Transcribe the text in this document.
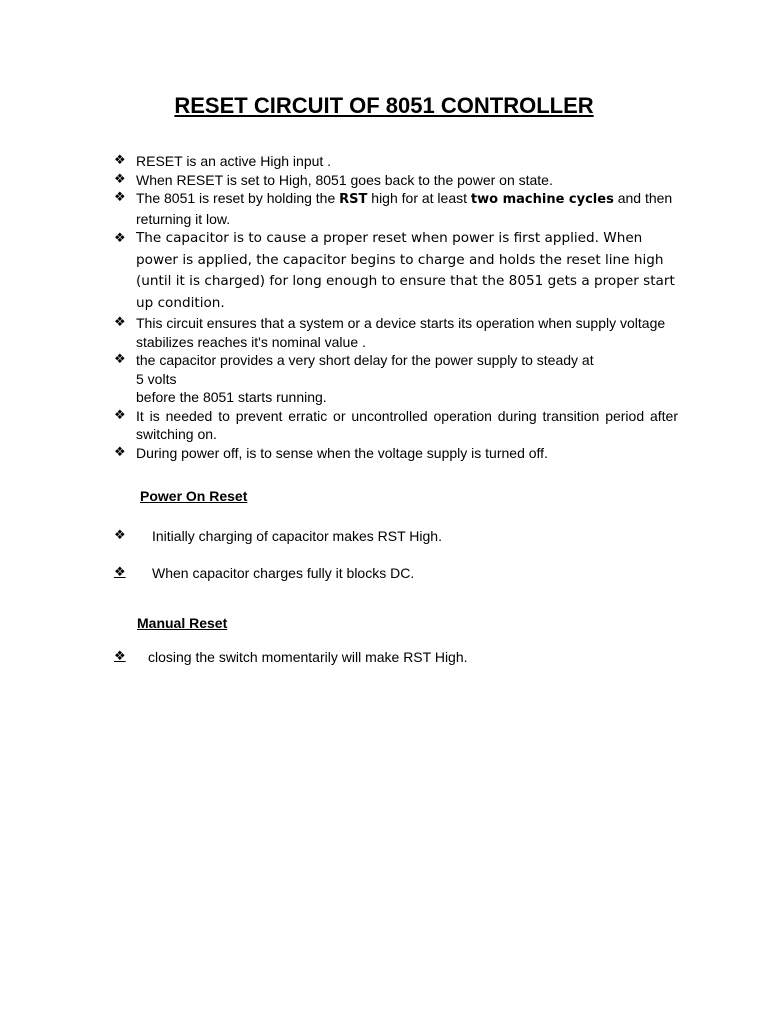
RESET CIRCUIT OF 8051 CONTROLLER
❖ RESET is an active High input .
❖ When RESET is set to High, 8051 goes back to the power on state.
❖ The 8051 is reset by holding the RST high for at least two machine cycles and then returning it low.
❖ The capacitor is to cause a proper reset when power is first applied. When power is applied, the capacitor begins to charge and holds the reset line high (until it is charged) for long enough to ensure that the 8051 gets a proper start up condition.
❖ This circuit ensures that a system or a device starts its operation when supply voltage stabilizes reaches it's nominal value .
❖ the capacitor provides a very short delay for the power supply to steady at 5 volts
before the 8051 starts running.
❖ It is needed to prevent erratic or uncontrolled operation during transition period after switching on.
❖ During power off, is to sense when the voltage supply is turned off.
Power On Reset
❖ Initially charging of capacitor makes RST High.
❖ When capacitor charges fully it blocks DC.
Manual Reset
❖ closing the switch momentarily will make RST High.
